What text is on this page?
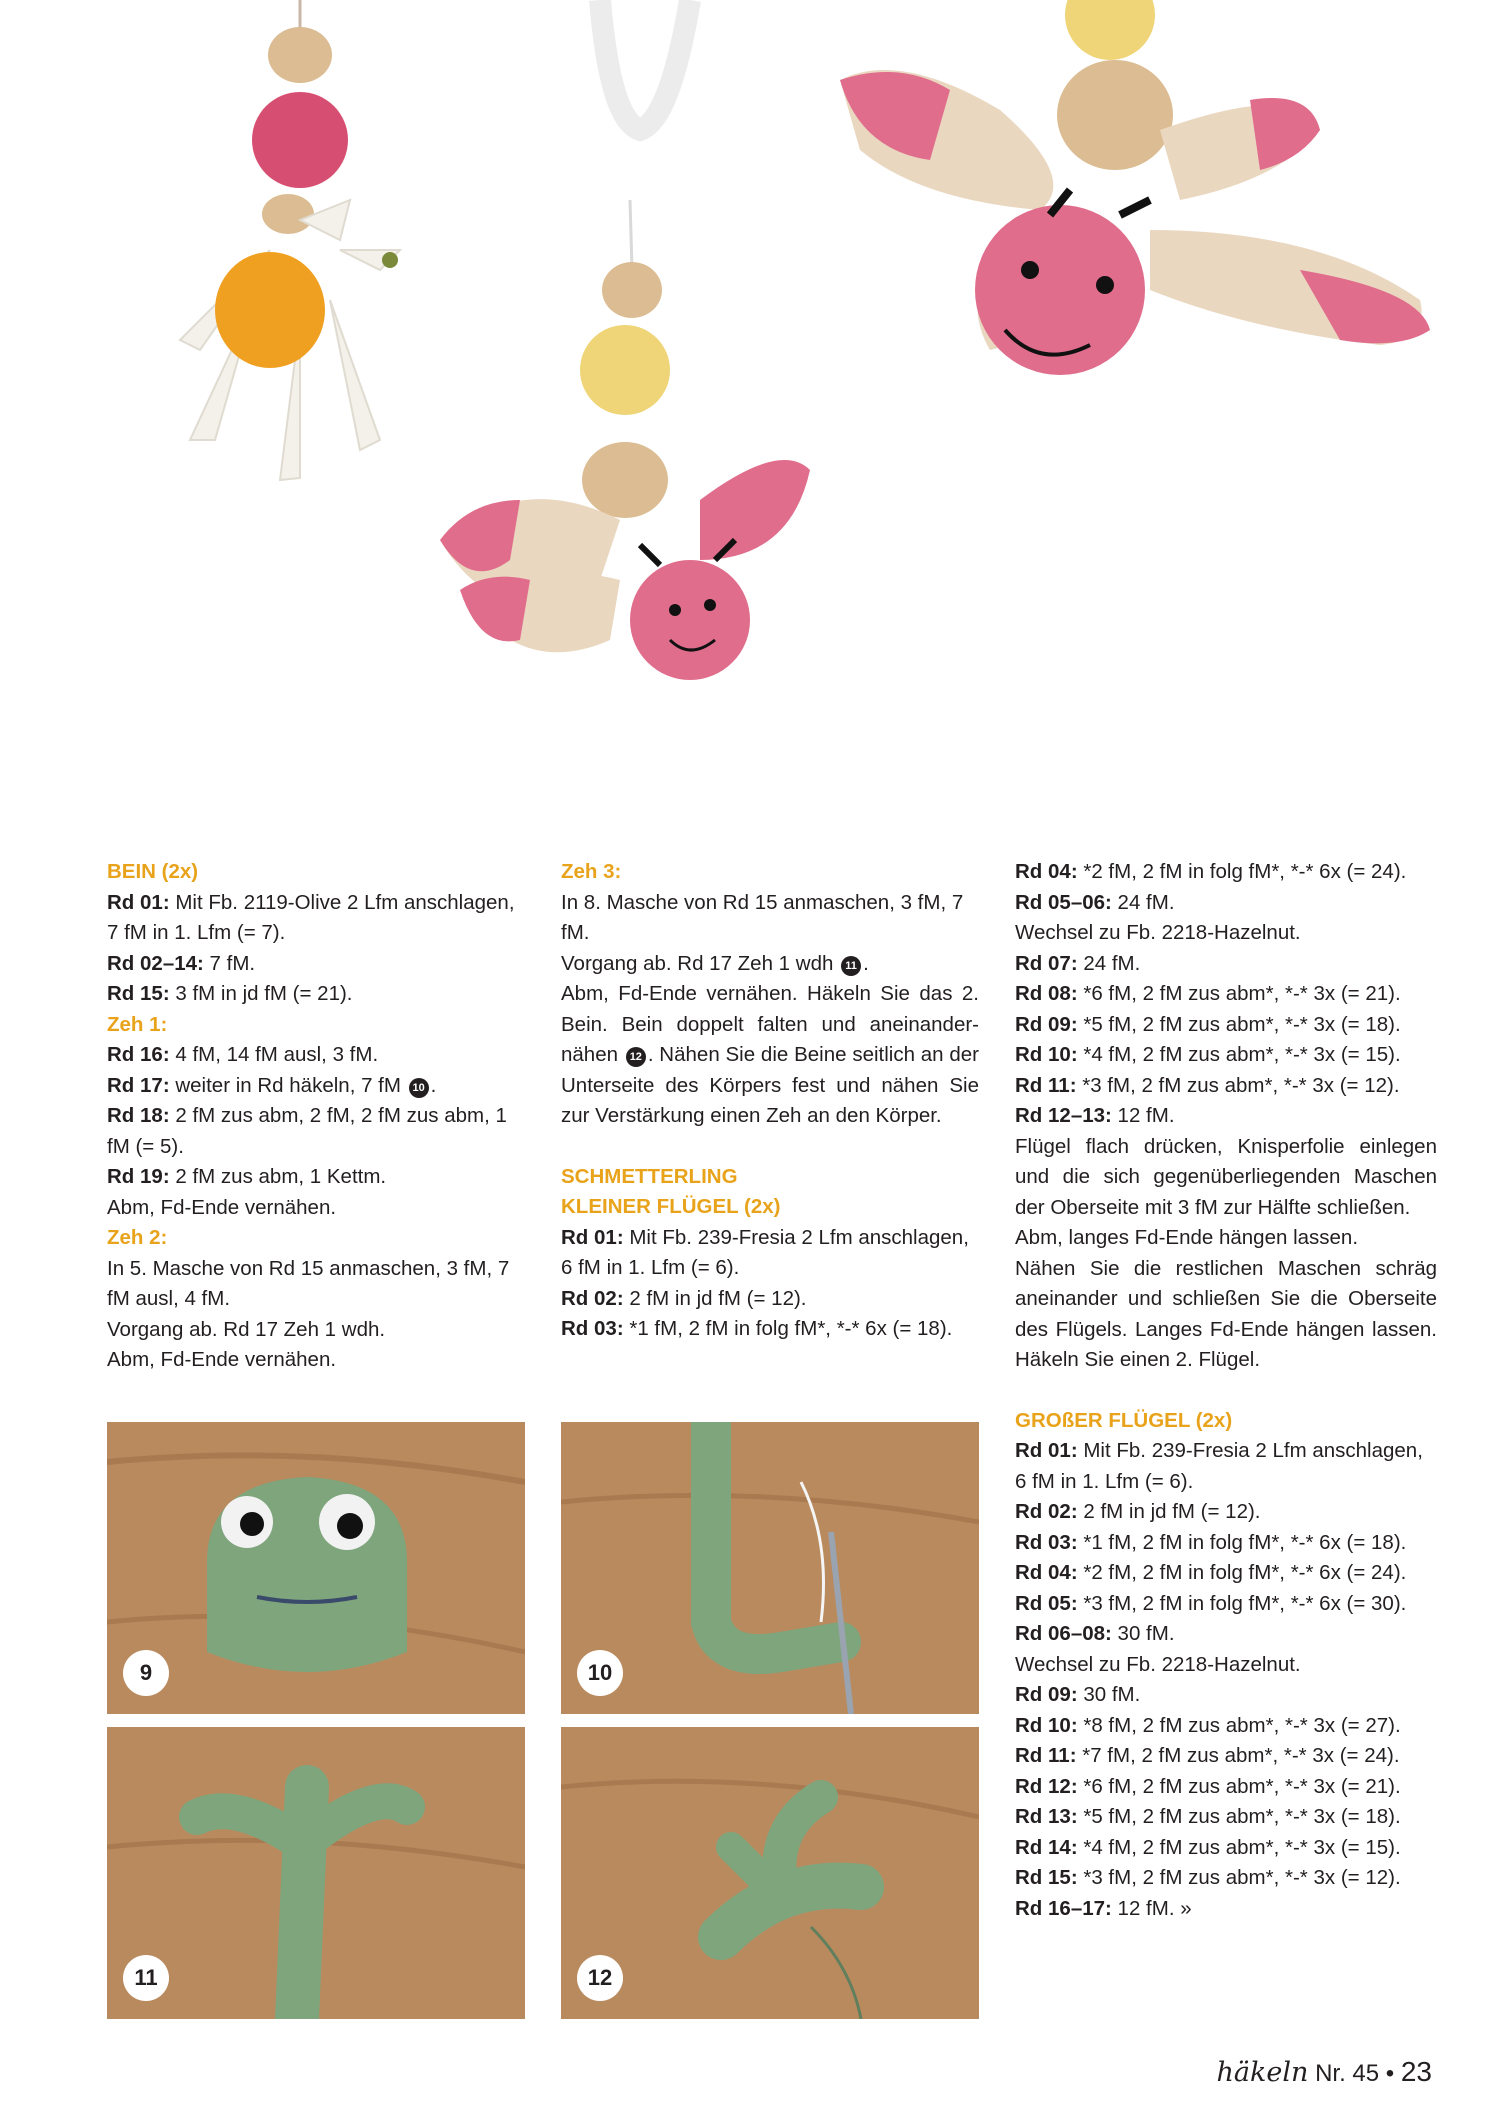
BEIN (2x)

Rd 01: Mit Fb. 2119-Olive 2 Lfm anschlagen, 7 fM in 1. Lfm (= 7).

Rd 02–14: 7 fM.

Rd 15: 3 fM in jd fM (= 21).

Zeh 1:

Rd 16: 4 fM, 14 fM ausl, 3 fM.

Rd 17: weiter in Rd häkeln, 7 fM 10 .

Rd 18: 2 fM zus abm, 2 fM, 2 fM zus abm, 1 fM (= 5).

Rd 19: 2 fM zus abm, 1 Kettm.

Abm, Fd-Ende vernähen.

Zeh 2:

In 5. Masche von Rd 15 anmaschen, 3 fM, 7 fM ausl, 4 fM.

Vorgang ab. Rd 17 Zeh 1 wdh.

Abm, Fd-Ende vernähen.

Zeh 3:

In 8. Masche von Rd 15 anmaschen, 3 fM, 7 fM.

Vorgang ab. Rd 17 Zeh 1 wdh 11 .

Abm, Fd-Ende vernähen. Häkeln Sie das 2. Bein. Bein doppelt falten und aneinandernähen 12 . Nähen Sie die Beine seitlich an der Unterseite des Körpers fest und nähen Sie zur Verstärkung einen Zeh an den Körper.

SCHMETTERLING

KLEINER FLÜGEL (2x)

Rd 01: Mit Fb. 239-Fresia 2 Lfm anschlagen, 6 fM in 1. Lfm (= 6).

Rd 02: 2 fM in jd fM (= 12).

Rd 03: *1 fM, 2 fM in folg fM*, *-* 6x (= 18).

Rd 04: *2 fM, 2 fM in folg fM*, *-* 6x (= 24).

Rd 05–06: 24 fM.

Wechsel zu Fb. 2218-Hazelnut.

Rd 07: 24 fM.

Rd 08: *6 fM, 2 fM zus abm*, *-* 3x (= 21).

Rd 09: *5 fM, 2 fM zus abm*, *-* 3x (= 18).

Rd 10: *4 fM, 2 fM zus abm*, *-* 3x (= 15).

Rd 11: *3 fM, 2 fM zus abm*, *-* 3x (= 12).

Rd 12–13: 12 fM.

Flügel flach drücken, Knisperfolie einlegen und die sich gegenüberliegenden Maschen der Oberseite mit 3 fM zur Hälfte schließen.

Abm, langes Fd-Ende hängen lassen.

Nähen Sie die restlichen Maschen schräg aneinander und schließen Sie die Oberseite des Flügels. Langes Fd-Ende hängen lassen. Häkeln Sie einen 2. Flügel.

GROßER FLÜGEL (2x)

Rd 01: Mit Fb. 239-Fresia 2 Lfm anschlagen, 6 fM in 1. Lfm (= 6).

Rd 02: 2 fM in jd fM (= 12).

Rd 03: *1 fM, 2 fM in folg fM*, *-* 6x (= 18).

Rd 04: *2 fM, 2 fM in folg fM*, *-* 6x (= 24).

Rd 05: *3 fM, 2 fM in folg fM*, *-* 6x (= 30).

Rd 06–08: 30 fM.

Wechsel zu Fb. 2218-Hazelnut.

Rd 09: 30 fM.

Rd 10: *8 fM, 2 fM zus abm*, *-* 3x (= 27).

Rd 11: *7 fM, 2 fM zus abm*, *-* 3x (= 24).

Rd 12: *6 fM, 2 fM zus abm*, *-* 3x (= 21).

Rd 13: *5 fM, 2 fM zus abm*, *-* 3x (= 18).

Rd 14: *4 fM, 2 fM zus abm*, *-* 3x (= 15).

Rd 15: *3 fM, 2 fM zus abm*, *-* 3x (= 12).

Rd 16–17: 12 fM. »

9	10
11	12
häkeln Nr. 45 • 23
